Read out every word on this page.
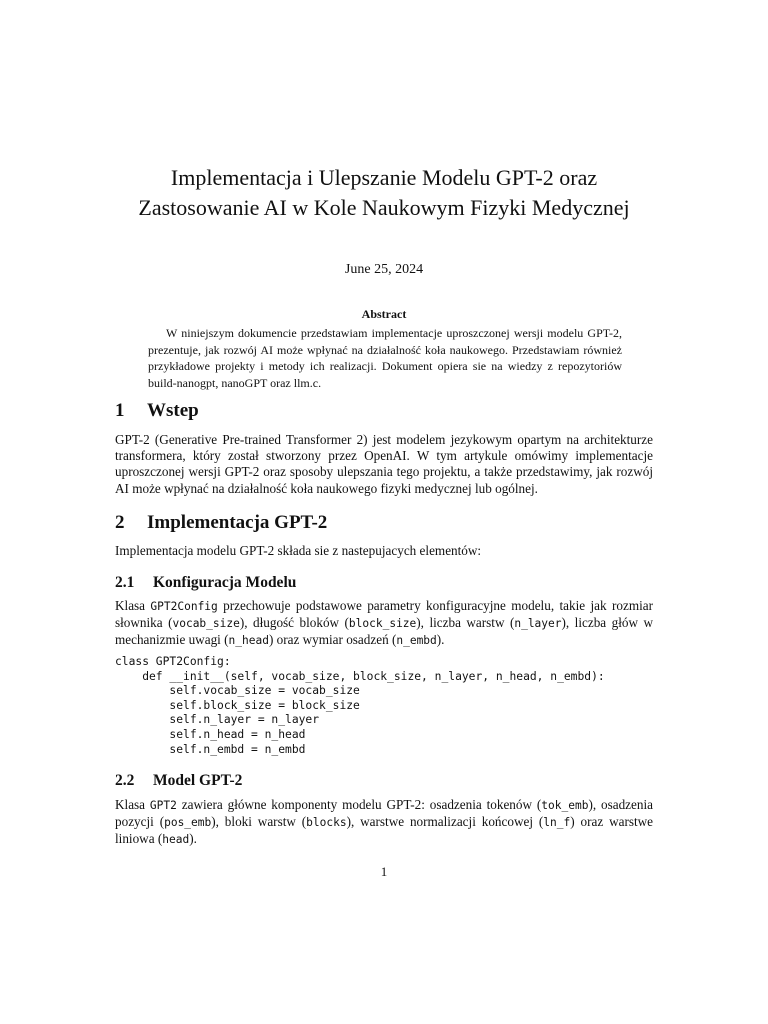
Implementacja i Ulepszanie Modelu GPT-2 oraz
Zastosowanie AI w Kole Naukowym Fizyki Medycznej
June 25, 2024
Abstract
W niniejszym dokumencie przedstawiam implementacje uproszczonej wersji modelu GPT-2, prezentuje, jak rozwój AI może wpłynać na działalność koła naukowego. Przedstawiam również przykładowe projekty i metody ich realizacji. Dokument opiera sie na wiedzy z repozytoriów build-nanogpt, nanoGPT oraz llm.c.
1 Wstep
GPT-2 (Generative Pre-trained Transformer 2) jest modelem jezykowym opartym na architekturze transformera, który został stworzony przez OpenAI. W tym artykule omówimy implementacje uproszczonej wersji GPT-2 oraz sposoby ulepszania tego projektu, a także przedstawimy, jak rozwój AI może wpłynać na działalność koła naukowego fizyki medycznej lub ogólnej.
2 Implementacja GPT-2
Implementacja modelu GPT-2 składa sie z nastepujacych elementów:
2.1 Konfiguracja Modelu
Klasa GPT2Config przechowuje podstawowe parametry konfiguracyjne modelu, takie jak rozmiar słownika (vocab_size), długość bloków (block_size), liczba warstw (n_layer), liczba głów w mechanizmie uwagi (n_head) oraz wymiar osadzeń (n_embd).
class GPT2Config:
def __init__(self, vocab_size, block_size, n_layer, n_head, n_embd):
self.vocab_size = vocab_size
self.block_size = block_size
self.n_layer = n_layer
self.n_head = n_head
self.n_embd = n_embd
2.2 Model GPT-2
Klasa GPT2 zawiera główne komponenty modelu GPT-2: osadzenia tokenów (tok_emb), osadzenia pozycji (pos_emb), bloki warstw (blocks), warstwe normalizacji końcowej (ln_f) oraz warstwe liniowa (head).
1
